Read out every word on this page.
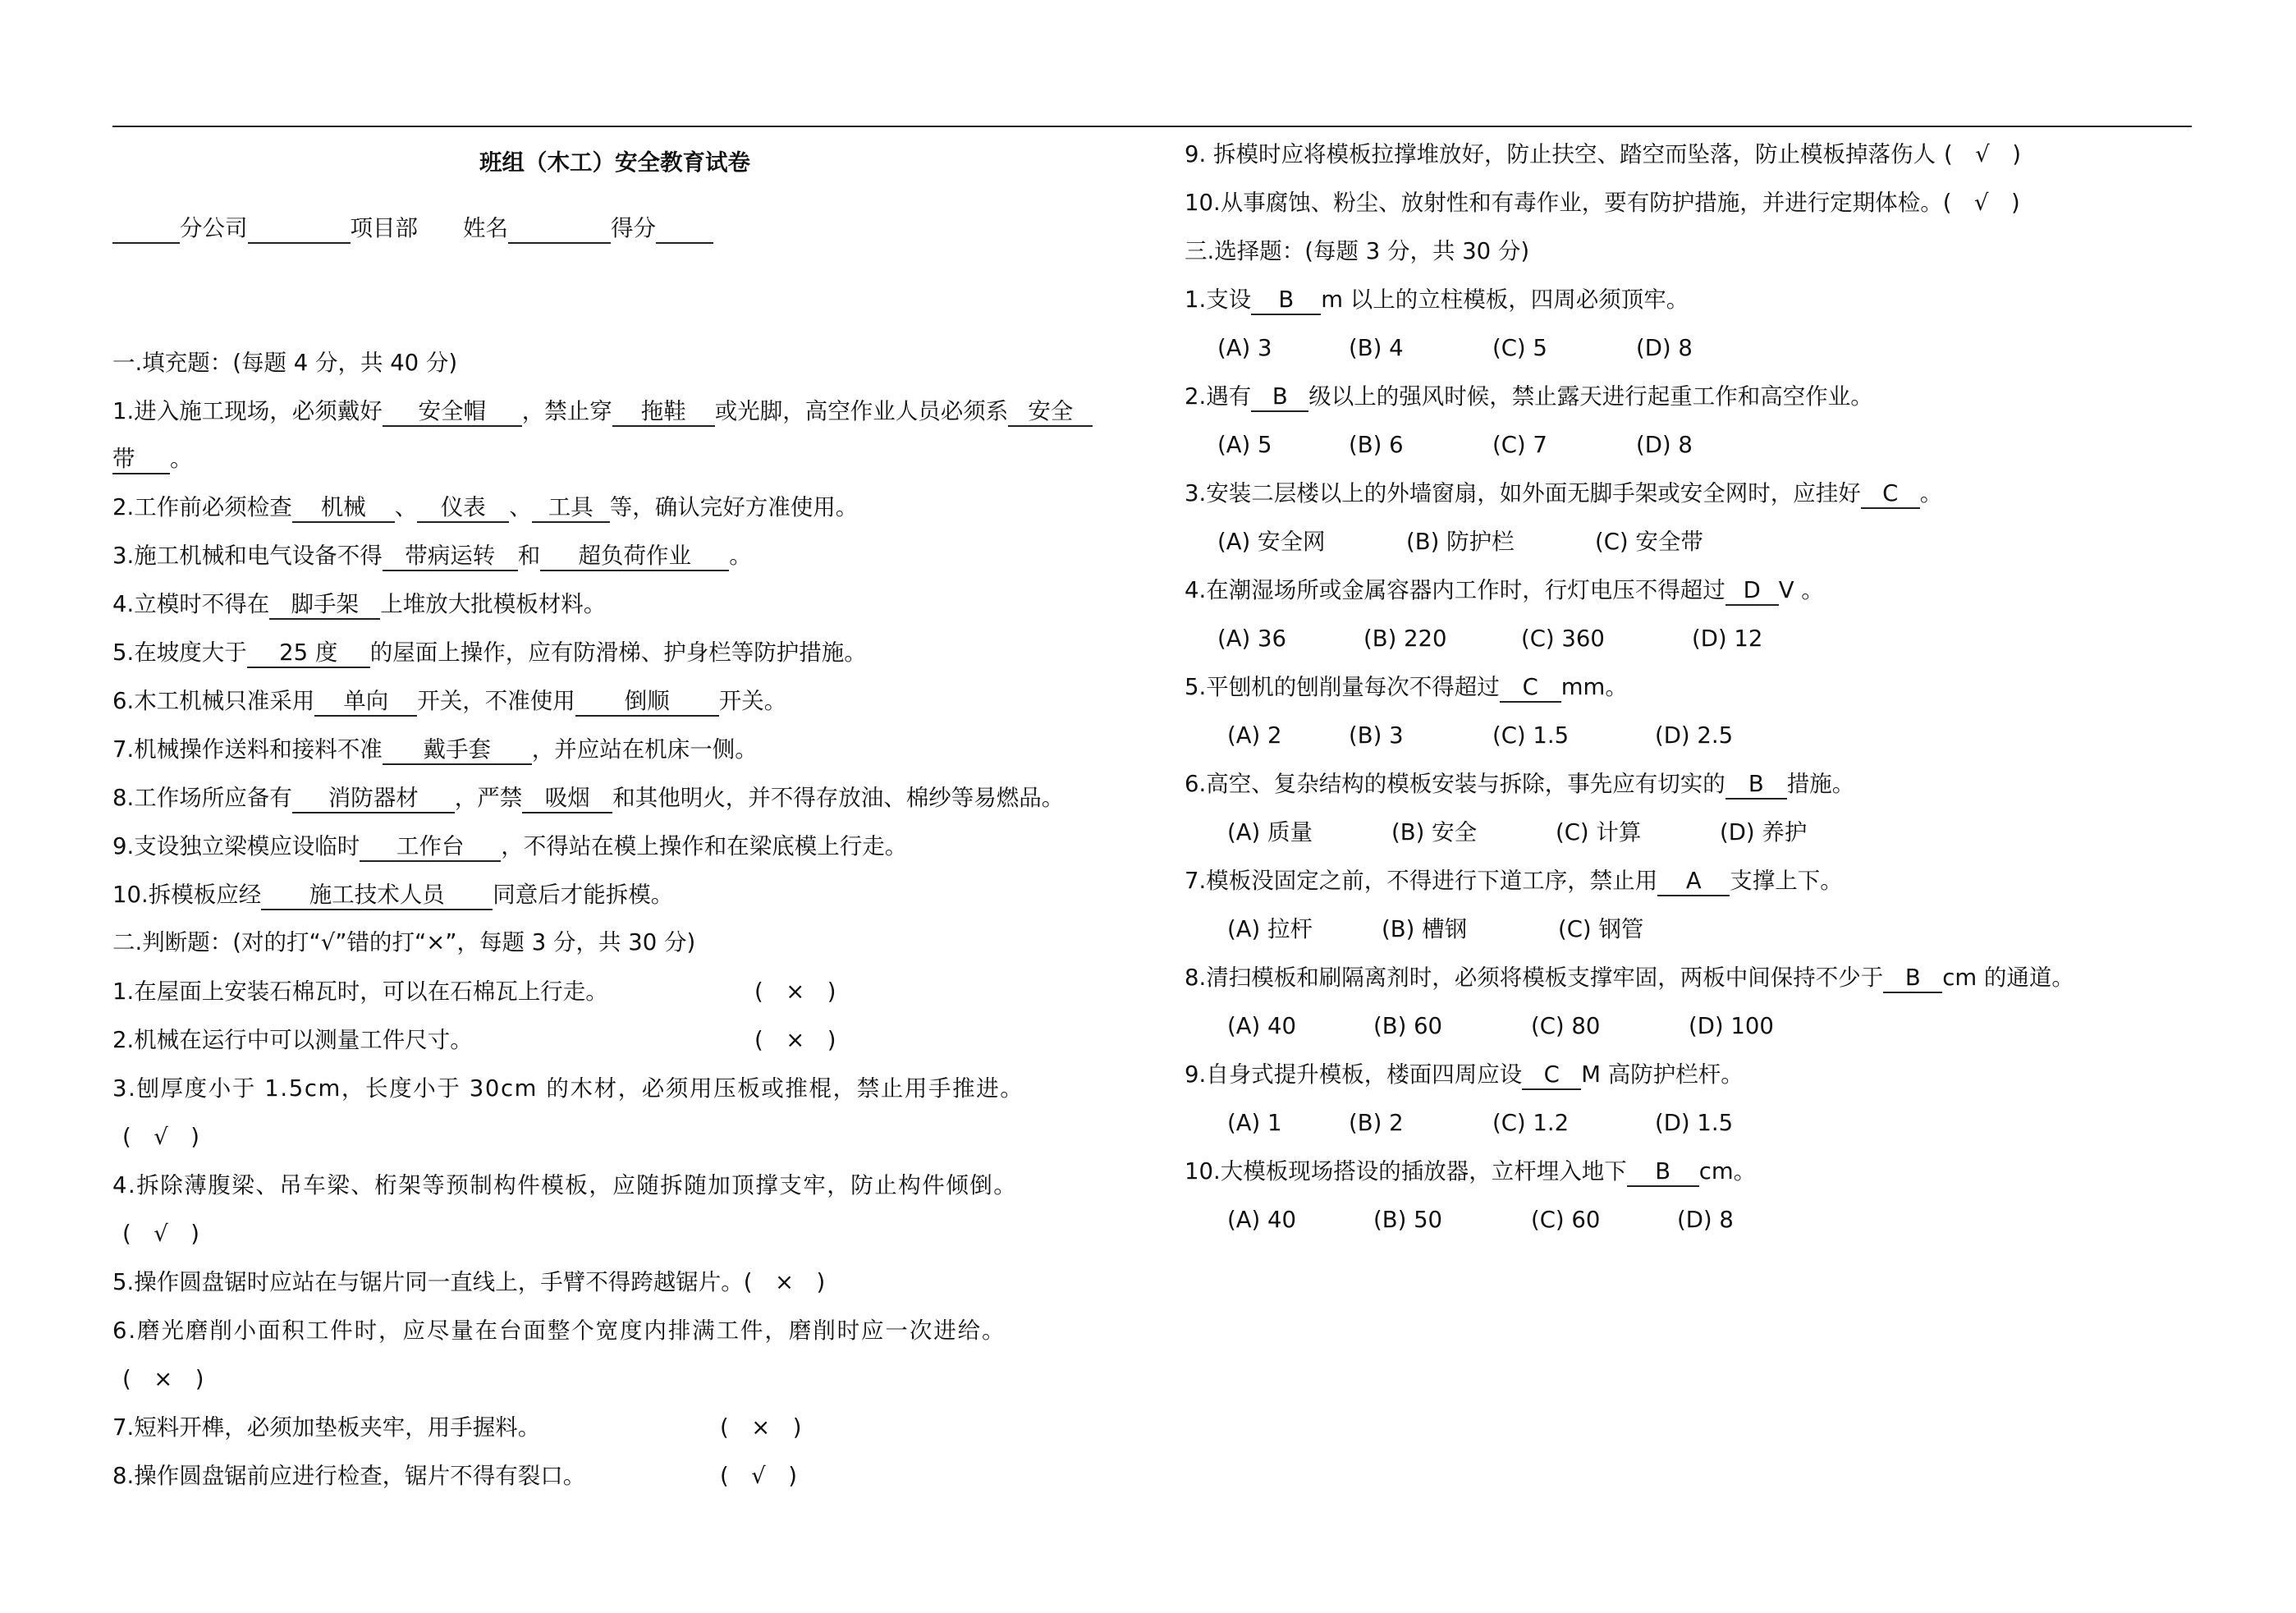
班组（木工）安全教育试卷
分公司	项目部 姓名	得分
一.填充题：(每题 4 分，共 40 分)
1.进入施工现场，必须戴好 安全帽 ，禁止穿 拖鞋 或光脚，高空作业人员必须系 安全
带 。
2.工作前必须检查 机械 、 仪表 、 工具 等，确认完好方准使用。
3.施工机械和电气设备不得 带病运转 和 超负荷作业 。
4.立模时不得在 脚手架 上堆放大批模板材料。
5.在坡度大于 25 度 的屋面上操作，应有防滑梯、护身栏等防护措施。
6.木工机械只准采用 单向 开关，不准使用 倒顺 开关。
7.机械操作送料和接料不准 戴手套 ，并应站在机床一侧。
8.工作场所应备有 消防器材 ，严禁 吸烟 和其他明火，并不得存放油、棉纱等易燃品。
9.支设独立梁模应设临时 工作台 ，不得站在模上操作和在梁底模上行走。
10.拆模板应经 施工技术人员 同意后才能拆模。
二.判断题：(对的打“√”错的打“×”，每题 3 分，共 30 分)
1.在屋面上安装石棉瓦时，可以在石棉瓦上行走。	(　×　)
2.机械在运行中可以测量工件尺寸。	(　×　)
3.刨厚度小于 1.5cm，长度小于 30cm 的木材，必须用压板或推棍，禁止用手推进。
(　√　)
4.拆除薄腹梁、吊车梁、桁架等预制构件模板，应随拆随加顶撑支牢，防止构件倾倒。
(　√　)
5.操作圆盘锯时应站在与锯片同一直线上，手臂不得跨越锯片。(　×　)
6.磨光磨削小面积工件时，应尽量在台面整个宽度内排满工件，磨削时应一次进给。
(　×　)
7.短料开榫，必须加垫板夹牢，用手握料。	(　×　)
8.操作圆盘锯前应进行检查，锯片不得有裂口。	(　√　)
9. 拆模时应将模板拉撑堆放好，防止扶空、踏空而坠落，防止模板掉落伤人 (　√　)
10.从事腐蚀、粉尘、放射性和有毒作业，要有防护措施，并进行定期体检。(　√　)
三.选择题：(每题 3 分，共 30 分)
1.支设 B m 以上的立柱模板，四周必须顶牢。
(A) 3	(B) 4	(C) 5	(D) 8
2.遇有 B 级以上的强风时候，禁止露天进行起重工作和高空作业。
(A) 5	(B) 6	(C) 7	(D) 8
3.安装二层楼以上的外墙窗扇，如外面无脚手架或安全网时，应挂好 C 。
(A) 安全网	(B) 防护栏	(C) 安全带
4.在潮湿场所或金属容器内工作时，行灯电压不得超过 D V 。
(A) 36	(B) 220	(C) 360	(D) 12
5.平刨机的刨削量每次不得超过 C mm。
(A) 2	(B) 3	(C) 1.5	(D) 2.5
6.高空、复杂结构的模板安装与拆除，事先应有切实的 B 措施。
(A) 质量	(B) 安全	(C) 计算	(D) 养护
7.模板没固定之前，不得进行下道工序，禁止用 A 支撑上下。
(A) 拉杆	(B) 槽钢	(C) 钢管
8.清扫模板和刷隔离剂时，必须将模板支撑牢固，两板中间保持不少于 B cm 的通道。
(A) 40	(B) 60	(C) 80	(D) 100
9.自身式提升模板，楼面四周应设 C M 高防护栏杆。
(A) 1	(B) 2	(C) 1.2	(D) 1.5
10.大模板现场搭设的插放器，立杆埋入地下 B cm。
(A) 40	(B) 50	(C) 60	(D) 8
